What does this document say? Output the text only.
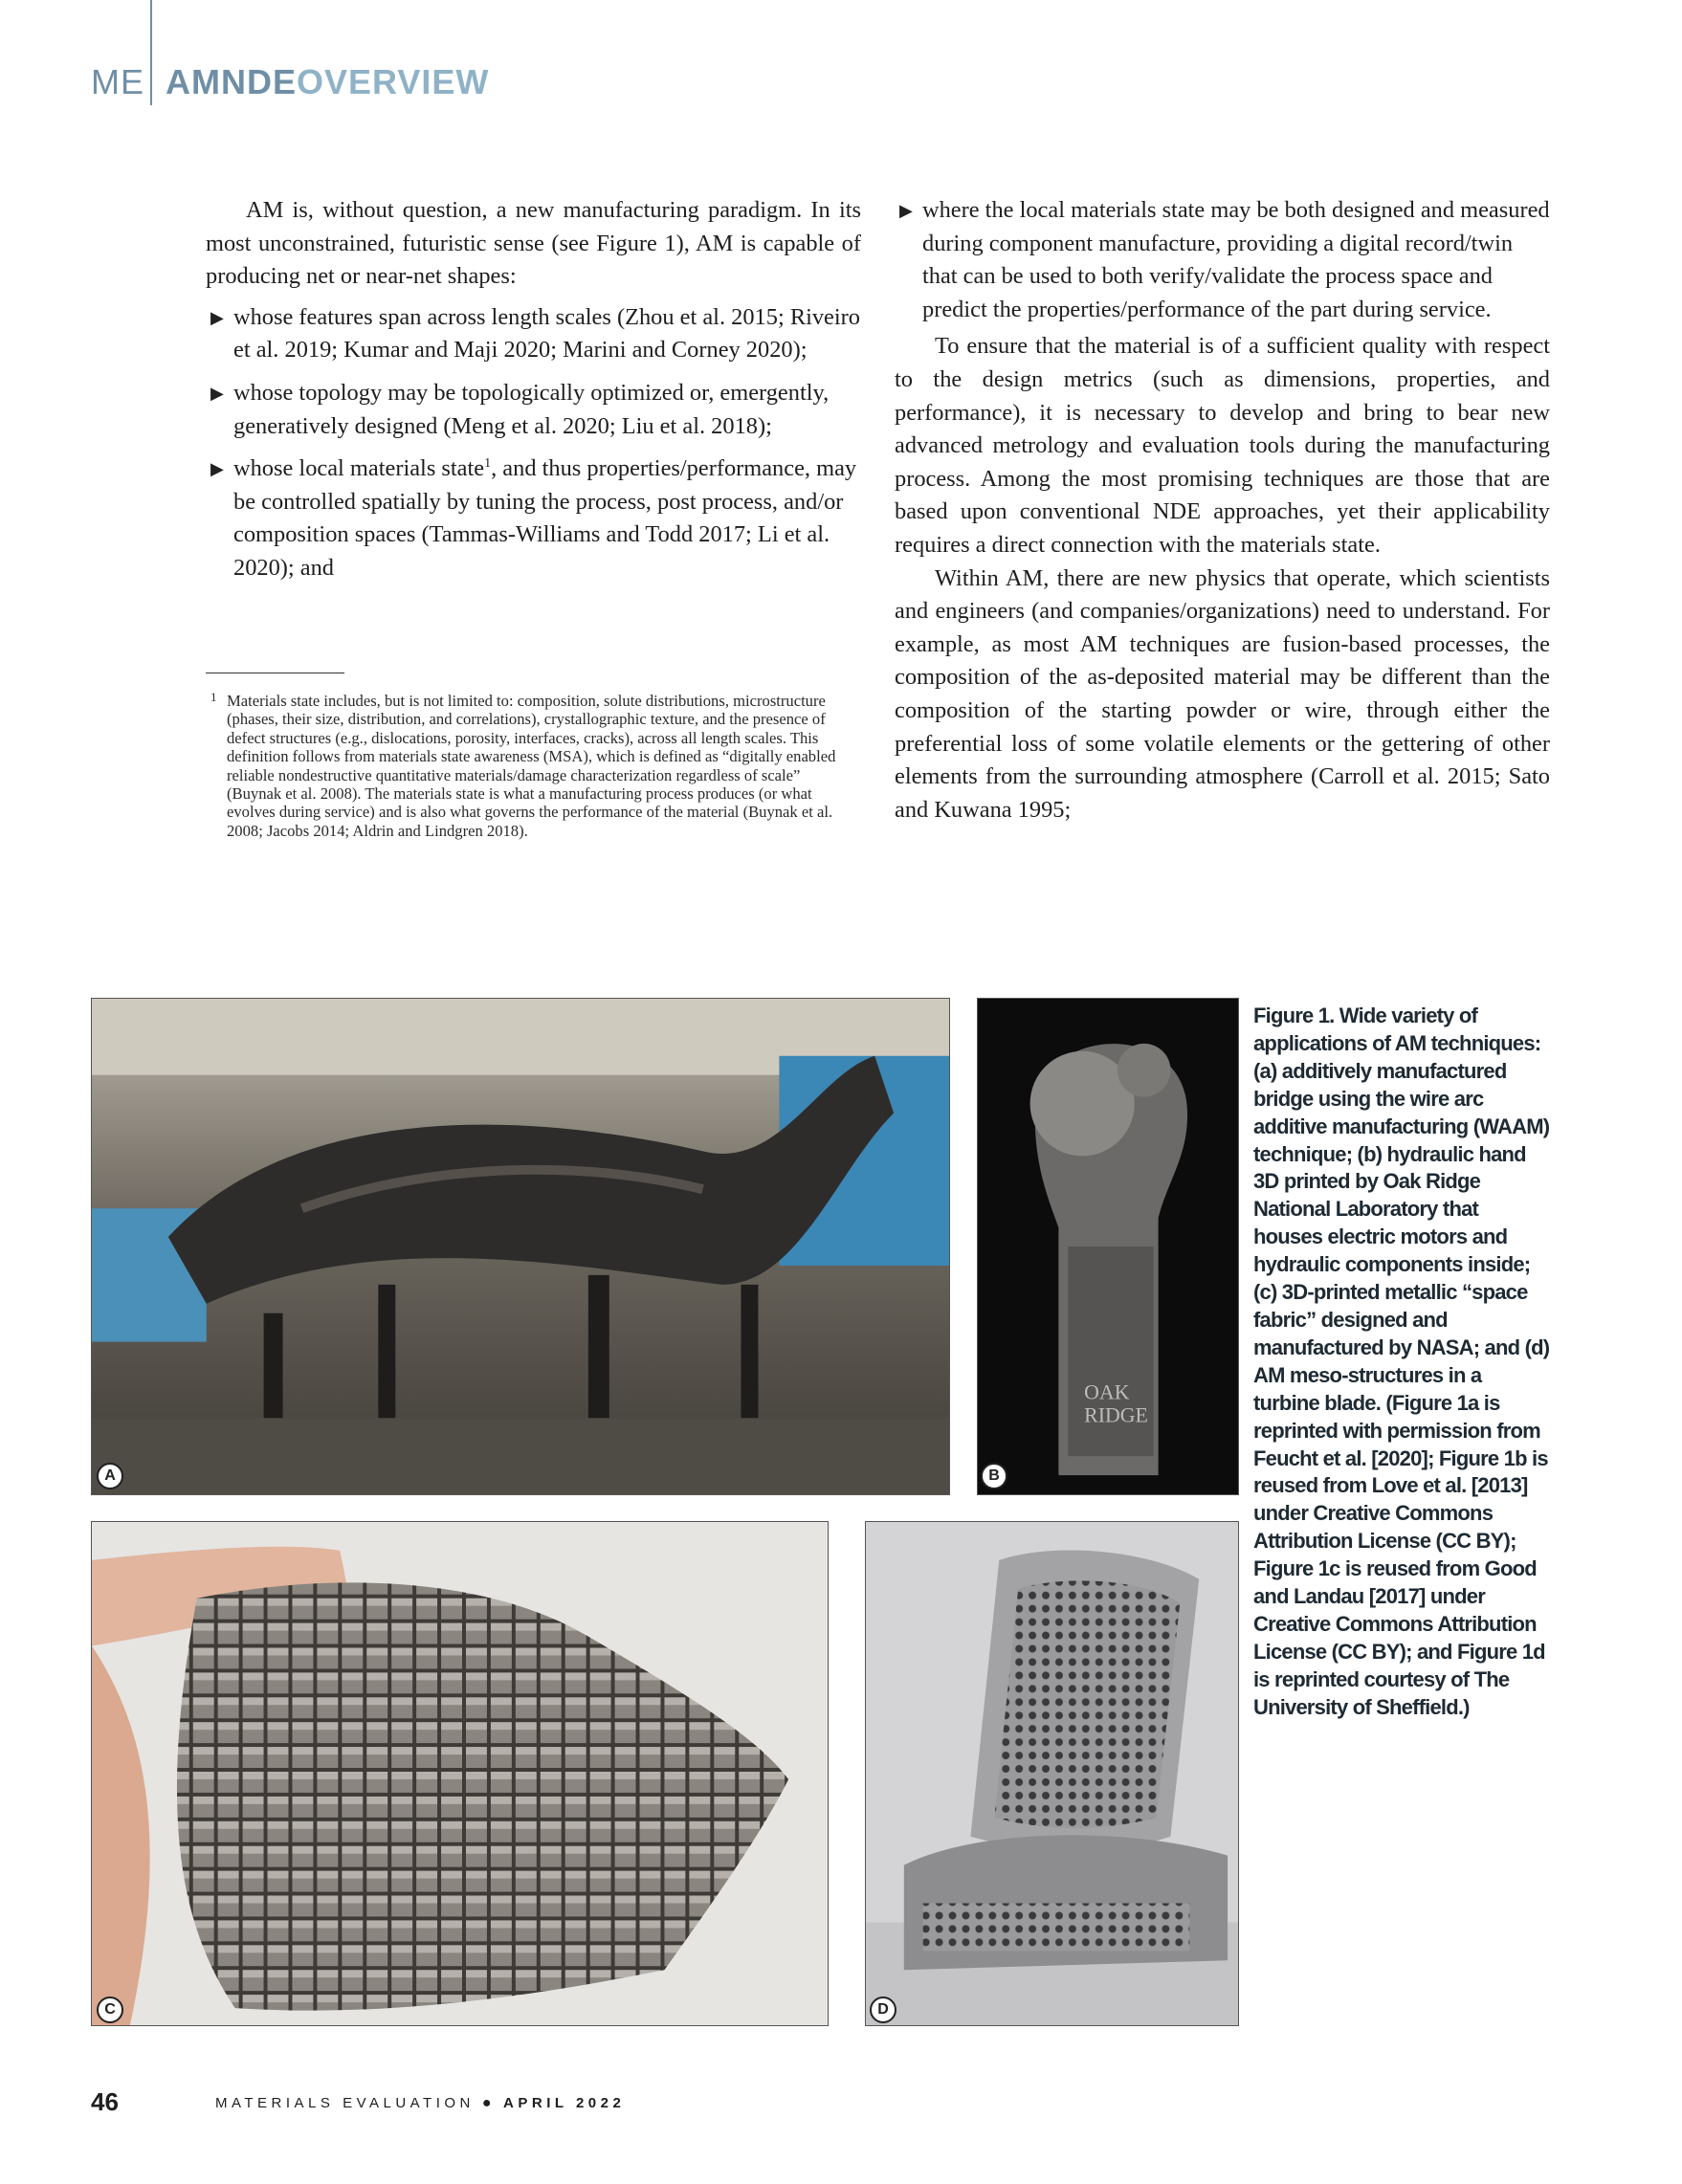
ME AMNDEOVERVIEW

AM is, without question, a new manufacturing paradigm. In its most unconstrained, futuristic sense (see Figure 1), AM is capable of producing net or near-net shapes:

▶ whose features span across length scales (Zhou et al. 2015; Riveiro et al. 2019; Kumar and Maji 2020; Marini and Corney 2020);
▶ whose topology may be topologically optimized or, emergently, generatively designed (Meng et al. 2020; Liu et al. 2018);
▶ whose local materials state$^1$, and thus properties/performance, may be controlled spatially by tuning the process, post process, and/or composition spaces (Tammas-Williams and Todd 2017; Li et al. 2020); and
1 Materials state includes, but is not limited to: composition, solute distributions, microstructure (phases, their size, distribution, and correlations), crystallographic texture, and the presence of defect structures (e.g., dislocations, porosity, interfaces, cracks), across all length scales. This definition follows from materials state awareness (MSA), which is defined as “digitally enabled reliable nondestructive quantitative materials/damage characterization regardless of scale” (Buynak et al. 2008). The materials state is what a manufacturing process produces (or what evolves during service) and is also what governs the performance of the material (Buynak et al. 2008; Jacobs 2014; Aldrin and Lindgren 2018).
▶ where the local materials state may be both designed and measured during component manufacture, providing a digital record/twin that can be used to both verify/validate the process space and predict the properties/performance of the part during service.

To ensure that the material is of a sufficient quality with respect to the design metrics (such as dimensions, properties, and performance), it is necessary to develop and bring to bear new advanced metrology and evaluation tools during the manufacturing process. Among the most promising techniques are those that are based upon conventional NDE approaches, yet their applicability requires a direct connection with the materials state.

Within AM, there are new physics that operate, which scientists and engineers (and companies/organizations) need to understand. For example, as most AM techniques are fusion-based processes, the composition of the as-deposited material may be different than the composition of the starting powder or wire, through either the preferential loss of some volatile elements or the gettering of other elements from the surrounding atmosphere (Carroll et al. 2015; Sato and Kuwana 1995;

A
OAK
RIDGE
B
C	D
Figure 1. Wide variety of applications of AM techniques: (a) additively manufactured bridge using the wire arc additive manufacturing (WAAM) technique; (b) hydraulic hand 3D printed by Oak Ridge National Laboratory that houses electric motors and hydraulic components inside; (c) 3D-printed metallic “space fabric” designed and manufactured by NASA; and (d) AM meso-structures in a turbine blade. (Figure 1a is reprinted with permission from Feucht et al. [2020]; Figure 1b is reused from Love et al. [2013] under Creative Commons Attribution License (CC BY); Figure 1c is reused from Good and Landau [2017] under Creative Commons Attribution License (CC BY); and Figure 1d is reprinted courtesy of The University of Sheffield.)
46	MATERIALS EVALUATION ● APRIL 2022
